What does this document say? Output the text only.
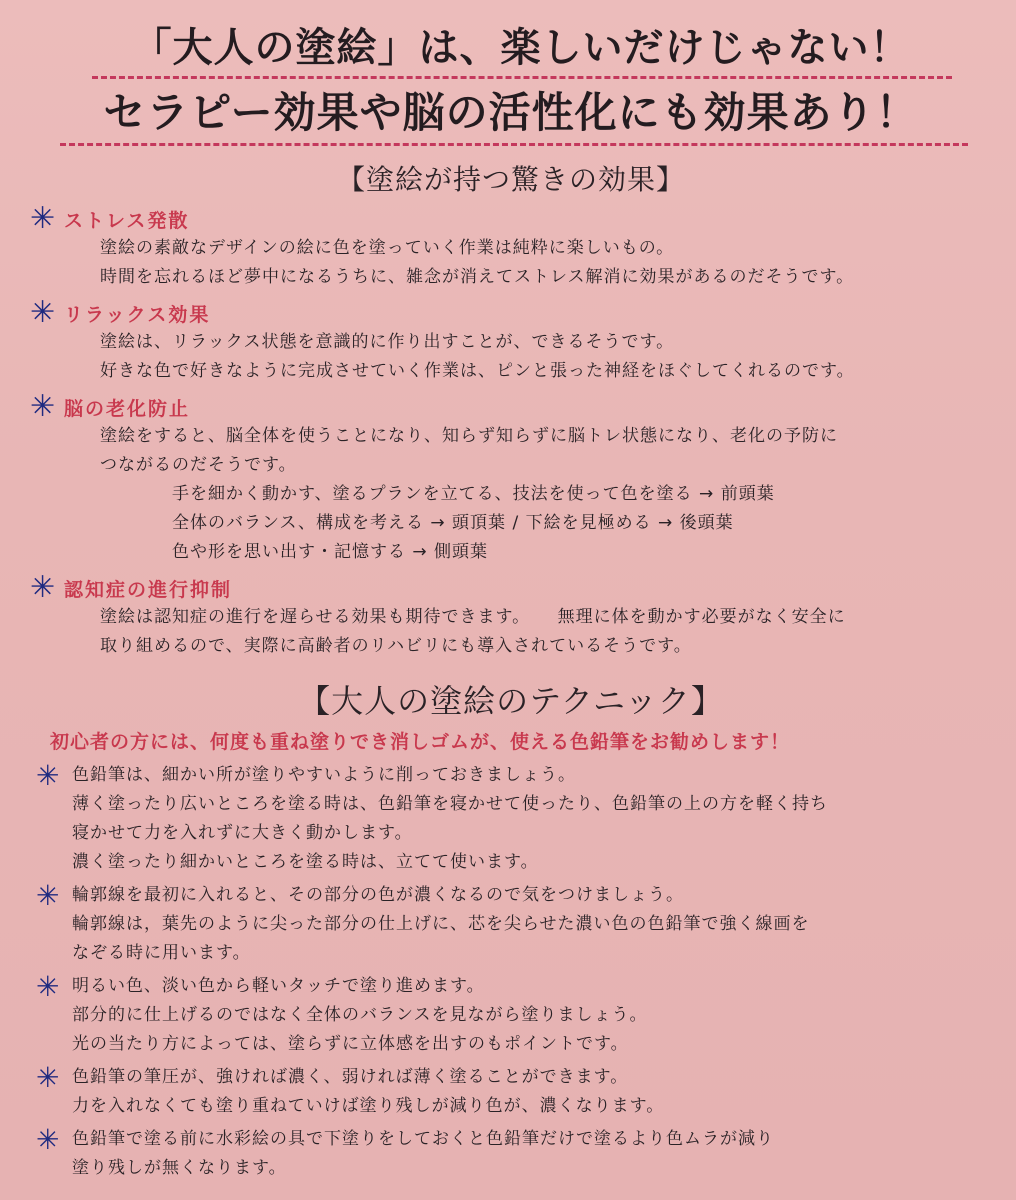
「大人の塗絵」は、楽しいだけじゃない！
セラピー効果や脳の活性化にも効果あり！
【塗絵が持つ驚きの効果】
✳ ストレス発散
塗絵の素敵なデザインの絵に色を塗っていく作業は純粋に楽しいもの。
時間を忘れるほど夢中になるうちに、雑念が消えてストレス解消に効果があるのだそうです。
✳ リラックス効果
塗絵は、リラックス状態を意識的に作り出すことが、できるそうです。
好きな色で好きなように完成させていく作業は、ピンと張った神経をほぐしてくれるのです。
✳ 脳の老化防止
塗絵をすると、脳全体を使うことになり、知らず知らずに脳トレ状態になり、老化の予防に
つながるのだそうです。
手を細かく動かす、塗るプランを立てる、技法を使って色を塗る → 前頭葉
全体のバランス、構成を考える → 頭頂葉 / 下絵を見極める → 後頭葉
色や形を思い出す・記憶する → 側頭葉
✳ 認知症の進行抑制
塗絵は認知症の進行を遅らせる効果も期待できます。　　無理に体を動かす必要がなく安全に
取り組めるので、実際に高齢者のリハビリにも導入されているそうです。
【大人の塗絵のテクニック】
初心者の方には、何度も重ね塗りでき消しゴムが、使える色鉛筆をお勧めします！
✳ 色鉛筆は、細かい所が塗りやすいように削っておきましょう。
薄く塗ったり広いところを塗る時は、色鉛筆を寝かせて使ったり、色鉛筆の上の方を軽く持ち
寝かせて力を入れずに大きく動かします。
濃く塗ったり細かいところを塗る時は、立てて使います。
✳ 輪郭線を最初に入れると、その部分の色が濃くなるので気をつけましょう。
輪郭線は，葉先のように尖った部分の仕上げに、芯を尖らせた濃い色の色鉛筆で強く線画を
なぞる時に用います。
✳ 明るい色、淡い色から軽いタッチで塗り進めます。
部分的に仕上げるのではなく全体のバランスを見ながら塗りましょう。
光の当たり方によっては、塗らずに立体感を出すのもポイントです。
✳ 色鉛筆の筆圧が、強ければ濃く、弱ければ薄く塗ることができます。
力を入れなくても塗り重ねていけば塗り残しが減り色が、濃くなります。
✳ 色鉛筆で塗る前に水彩絵の具で下塗りをしておくと色鉛筆だけで塗るより色ムラが減り
塗り残しが無くなります。
